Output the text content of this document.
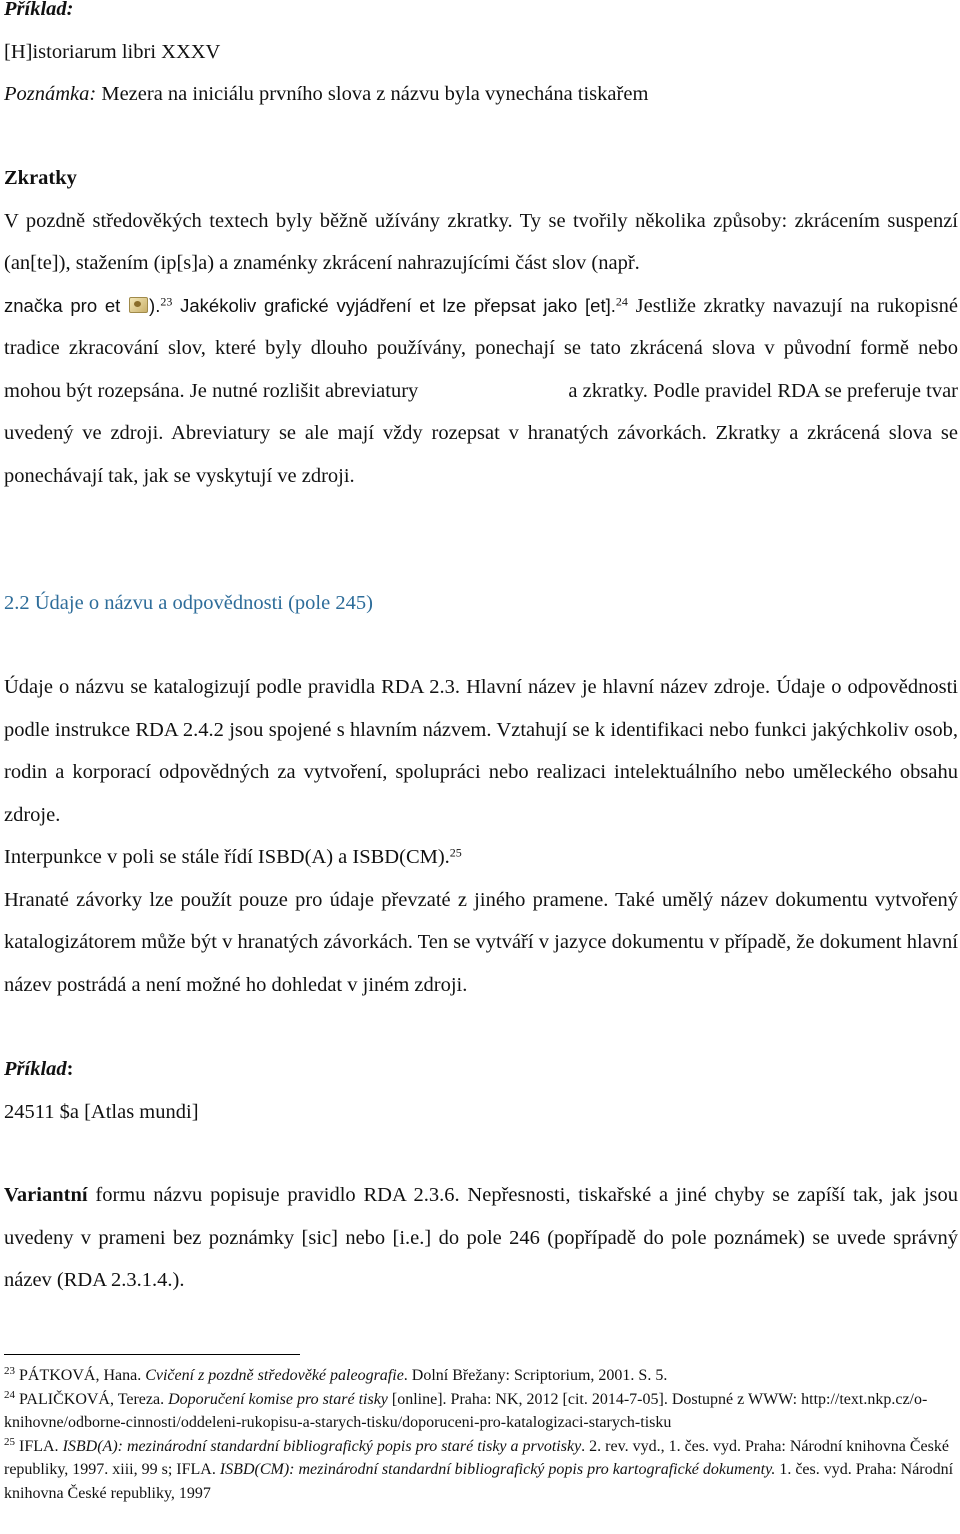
Příklad:

[H]istoriarum libri XXXV

Poznámka: Mezera na iniciálu prvního slova z názvu byla vynechána tiskařem

Zkratky

V pozdně středověkých textech byly běžně užívány zkratky. Ty se tvořily několika způsoby: zkrácením suspenzí (an[te]), stažením (ip[s]a) a znaménky zkrácení nahrazujícími část slov (např.

značka pro et ).$^{23}$ Jakékoliv grafické vyjádření et lze přepsat jako [et].$^{24}$ Jestliže zkratky navazují na rukopisné tradice zkracování slov, které byly dlouho používány, ponechají se tato zkrácená slova v původní formě nebo mohou být rozepsána. Je nutné rozlišit abreviatury	a zkratky. Podle pravidel RDA se preferuje tvar uvedený ve zdroji. Abreviatury se ale mají vždy rozepsat v hranatých závorkách. Zkratky a zkrácená slova se ponechávají tak, jak se vyskytují ve zdroji.

2.2 Údaje o názvu a odpovědnosti (pole 245)

Údaje o názvu se katalogizují podle pravidla RDA 2.3. Hlavní název je hlavní název zdroje. Údaje o odpovědnosti podle instrukce RDA 2.4.2 jsou spojené s hlavním názvem. Vztahují se k identifikaci nebo funkci jakýchkoliv osob, rodin a korporací odpovědných za vytvoření, spolupráci nebo realizaci intelektuálního nebo uměleckého obsahu zdroje.

Interpunkce v poli se stále řídí ISBD(A) a ISBD(CM).$^{25}$

Hranaté závorky lze použít pouze pro údaje převzaté z jiného pramene. Také umělý název dokumentu vytvořený katalogizátorem může být v hranatých závorkách. Ten se vytváří v jazyce dokumentu v případě, že dokument hlavní název postrádá a není možné ho dohledat v jiném zdroji.

Příklad:

24511 $a [Atlas mundi]

Variantní formu názvu popisuje pravidlo RDA 2.3.6. Nepřesnosti, tiskařské a jiné chyby se zapíší tak, jak jsou uvedeny v prameni bez poznámky [sic] nebo [i.e.] do pole 246 (popřípadě do pole poznámek) se uvede správný název (RDA 2.3.1.4.).

$^{23}$ PÁTKOVÁ, Hana. Cvičení z pozdně středověké paleografie. Dolní Břežany: Scriptorium, 2001. S. 5.

$^{24}$ PALIČKOVÁ, Tereza. Doporučení komise pro staré tisky [online]. Praha: NK, 2012 [cit. 2014-7-05]. Dostupné z WWW: http://text.nkp.cz/o-knihovne/odborne-cinnosti/oddeleni-rukopisu-a-starych-tisku/doporuceni-pro-katalogizaci-starych-tisku

$^{25}$ IFLA. ISBD(A): mezinárodní standardní bibliografický popis pro staré tisky a prvotisky. 2. rev. vyd., 1. čes. vyd. Praha: Národní knihovna České republiky, 1997. xiii, 99 s; IFLA. ISBD(CM): mezinárodní standardní bibliografický popis pro kartografické dokumenty. 1. čes. vyd. Praha: Národní knihovna České republiky, 1997
